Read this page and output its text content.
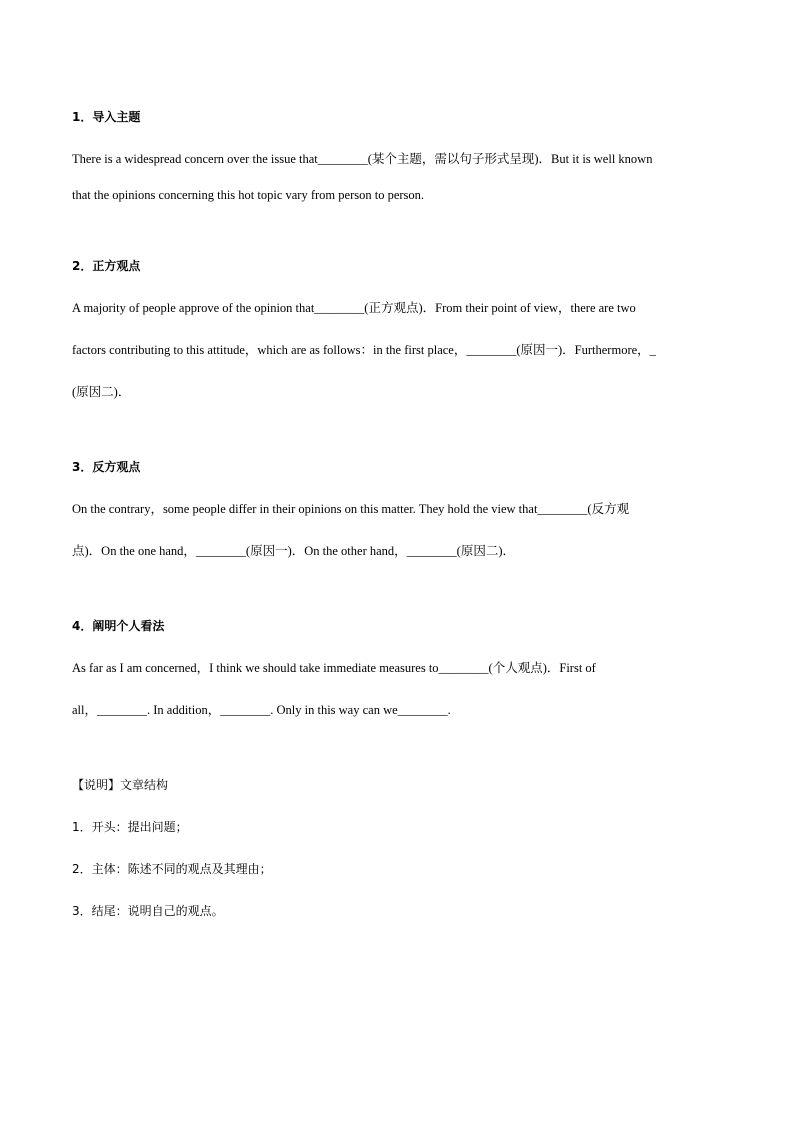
1．导入主题
There is a widespread concern over the issue that________(某个主题，需以句子形式呈现)．But it is well known
that the opinions concerning this hot topic vary from person to person.
2．正方观点
A majority of people approve of the opinion that________(正方观点)．From their point of view，there are two
factors contributing to this attitude，which are as follows：in the first place，________(原因一)．Furthermore，_
(原因二)．
3．反方观点
On the contrary，some people differ in their opinions on this matter. They hold the view that________(反方观
点)．On the one hand，________(原因一)．On the other hand，________(原因二)．
4．阐明个人看法
As far as I am concerned，I think we should take immediate measures to________(个人观点)．First of
all，________. In addition，________. Only in this way can we________.
【说明】文章结构
1．开头：提出问题；
2．主体：陈述不同的观点及其理由；
3．结尾：说明自己的观点。
